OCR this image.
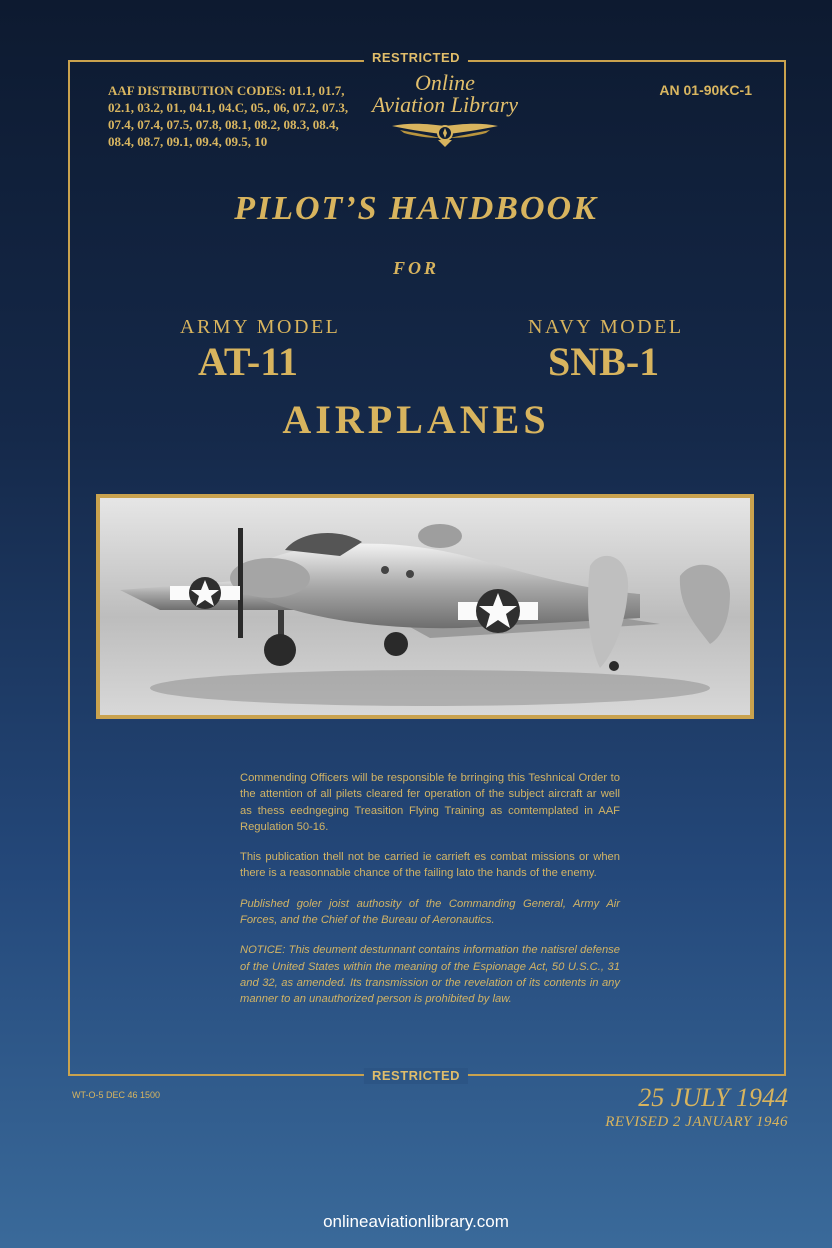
RESTRICTED
AAF DISTRIBUTION CODES: 01.1, 01.7, 02.1, 03.2, 01., 04.1, 04.C, 05., 06, 07.2, 07.3, 07.4, 07.4, 07.5, 07.8, 08.1, 08.2, 08.3, 08.4, 08.4, 08.7, 09.1, 09.4, 09.5, 10
Online
Aviation Library
AN 01-90KC-1
PILOT’S HANDBOOK
FOR
ARMY MODEL
AT-11
NAVY MODEL
SNB-1
AIRPLANES

Commending Officers will be responsible fe brringing this Teshnical Order to the attention of all pilets cleared fer operation of the subject aircraft ar well as thess eedngeging Treasition Flying Training as comtemplated in AAF Regulation 50-16.

This publication thell not be carried ie carrieft es combat missions or when there is a reasonnable chance of the failing lato the hands of the enemy.

Published goler joist authosity of the Commanding General, Army Air Forces, and the Chief of the Bureau of Aeronautics.

NOTICE: This deument destunnant contains information the natisrel defense of the United States within the meaning of the Espionage Act, 50 U.S.C., 31 and 32, as amended. Its transmission or the revelation of its contents in any manner to an unauthorized person is prohibited by law.

RESTRICTED
WT-O-5 DEC 46 1500	25 JULY 1944
REVISED 2 JANUARY 1946
onlineaviationlibrary.com
